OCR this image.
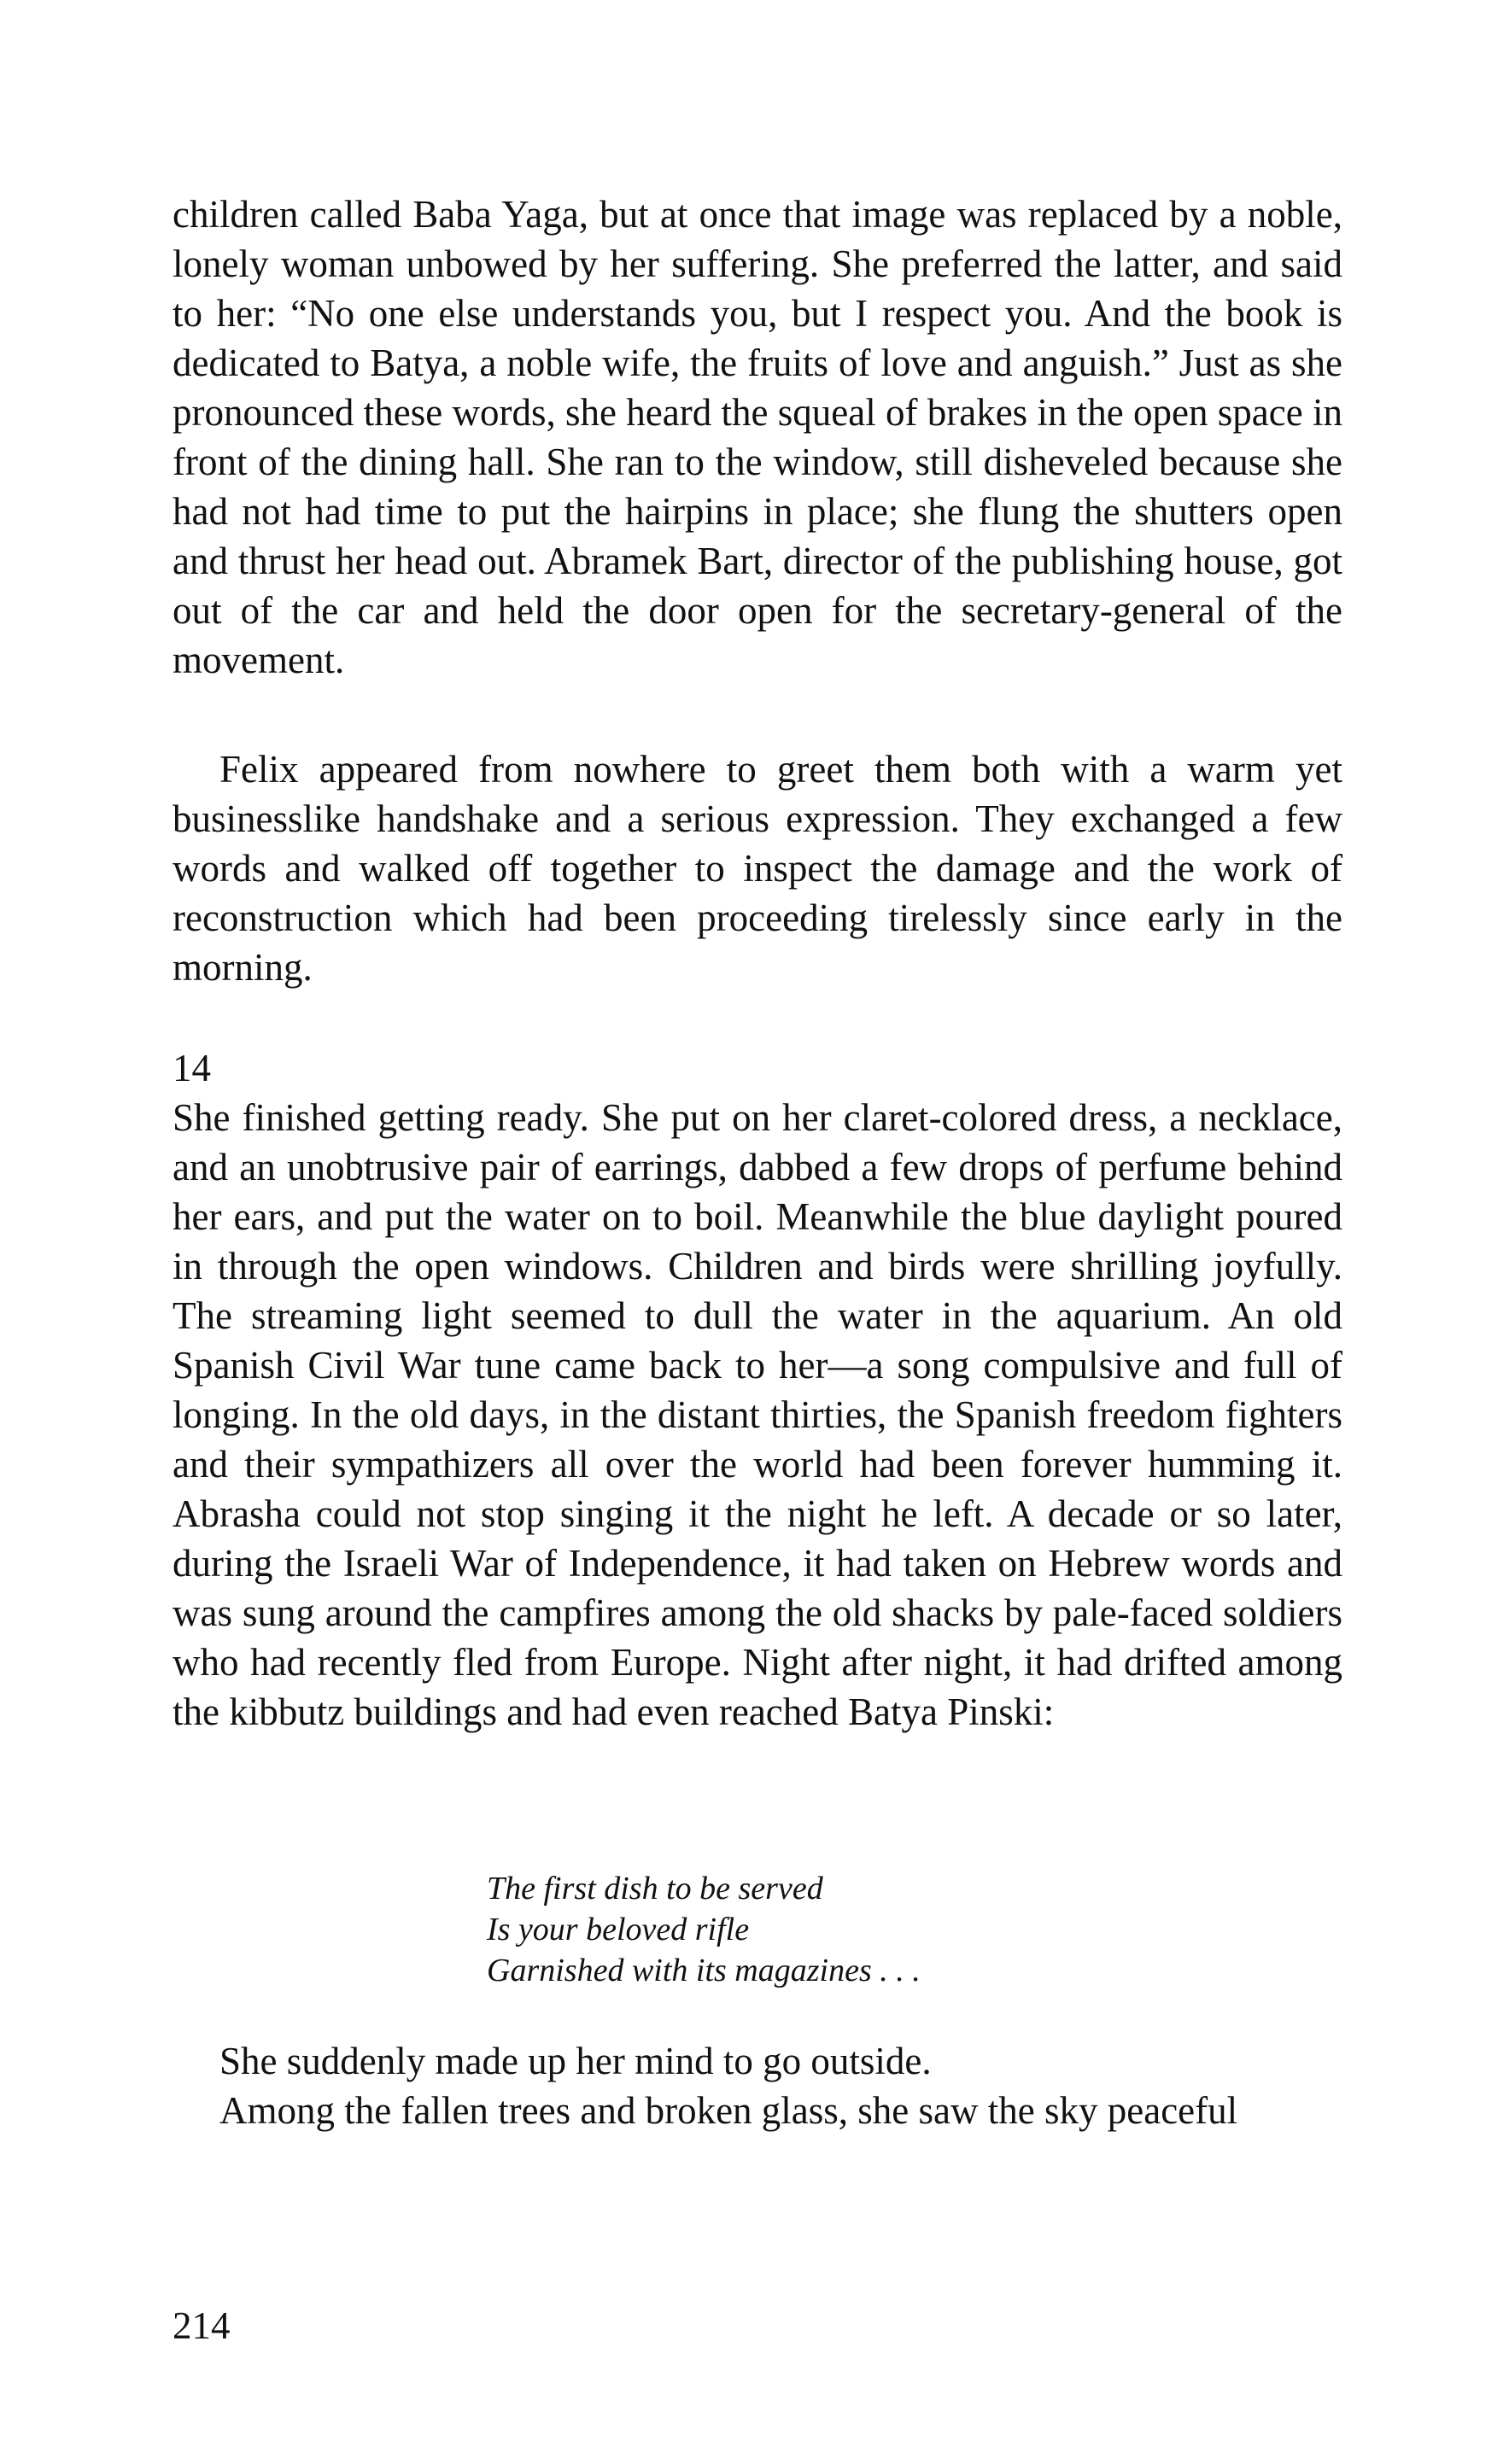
children called Baba Yaga, but at once that image was replaced by a noble, lonely woman unbowed by her suffering. She preferred the latter, and said to her: “No one else understands you, but I respect you. And the book is dedicated to Batya, a noble wife, the fruits of love and anguish.” Just as she pronounced these words, she heard the squeal of brakes in the open space in front of the dining hall. She ran to the window, still disheveled because she had not had time to put the hairpins in place; she flung the shutters open and thrust her head out. Abramek Bart, director of the publishing house, got out of the car and held the door open for the secretary-general of the movement.

Felix appeared from nowhere to greet them both with a warm yet businesslike handshake and a serious expression. They exchanged a few words and walked off together to inspect the damage and the work of reconstruction which had been proceeding tirelessly since early in the morning.

14

She finished getting ready. She put on her claret-colored dress, a necklace, and an unobtrusive pair of earrings, dabbed a few drops of perfume behind her ears, and put the water on to boil. Meanwhile the blue daylight poured in through the open windows. Children and birds were shrilling joyfully. The streaming light seemed to dull the water in the aquarium. An old Spanish Civil War tune came back to her—a song compulsive and full of longing. In the old days, in the distant thirties, the Spanish freedom fighters and their sympathizers all over the world had been forever humming it. Abrasha could not stop singing it the night he left. A decade or so later, during the Israeli War of Independence, it had taken on Hebrew words and was sung around the campfires among the old shacks by pale-faced soldiers who had recently fled from Europe. Night after night, it had drifted among the kibbutz buildings and had even reached Batya Pinski:

The first dish to be served
Is your beloved rifle
Garnished with its magazines . . .

She suddenly made up her mind to go outside.

Among the fallen trees and broken glass, she saw the sky peaceful

214
